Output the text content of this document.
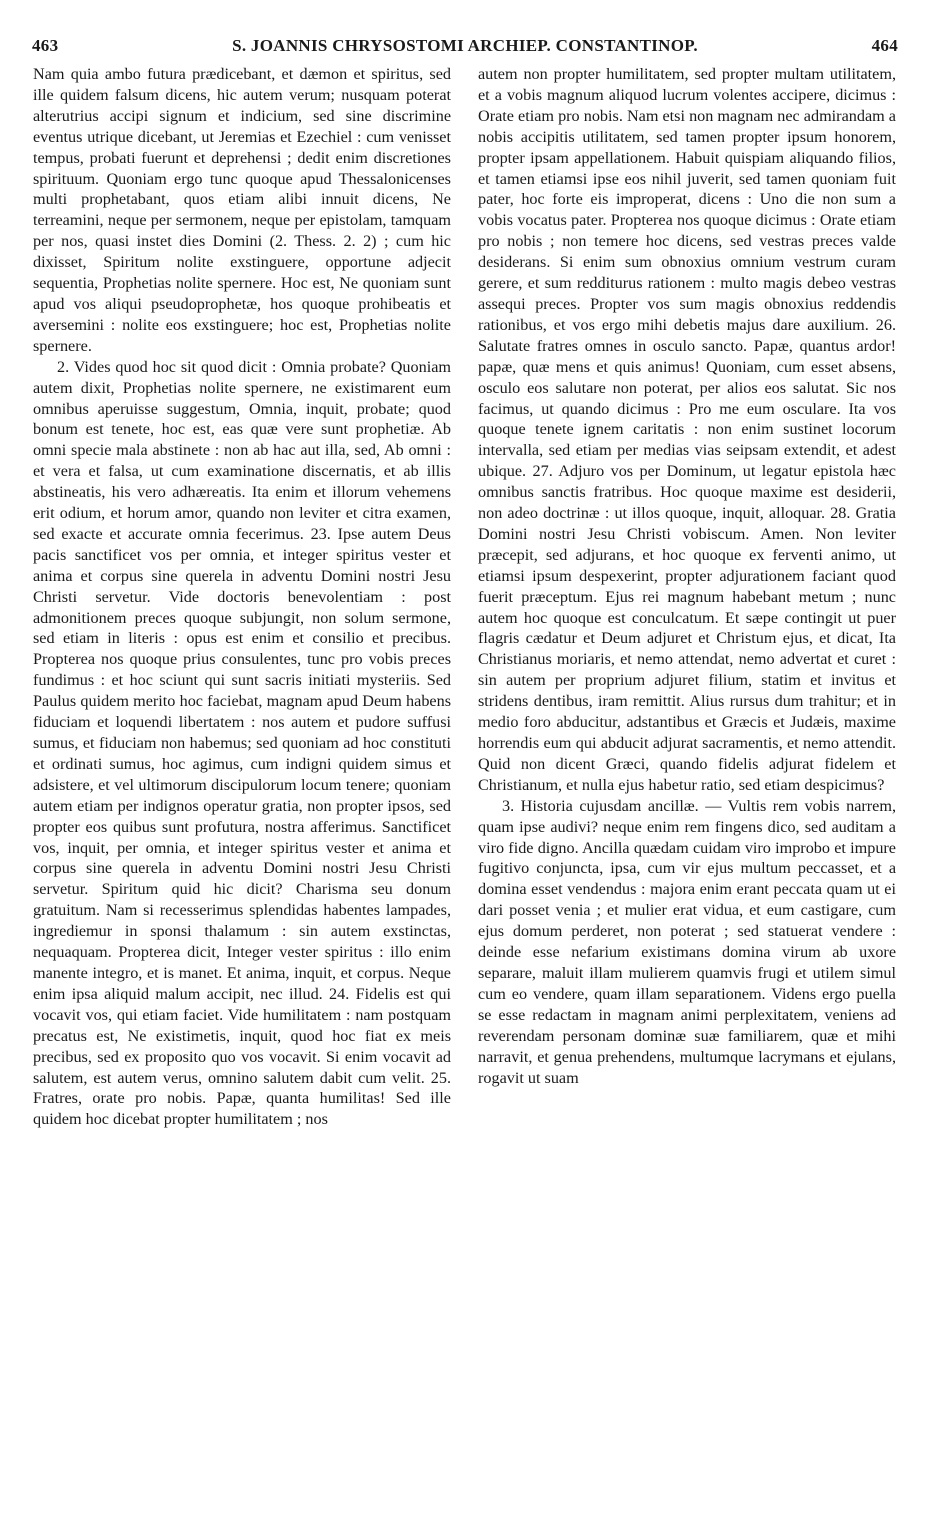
463	S. JOANNIS CHRYSOSTOMI ARCHIEP. CONSTANTINOP.	464

Nam quia ambo futura prædicebant, et dæmon et spiritus, sed ille quidem falsum dicens, hic autem verum; nusquam poterat alterutrius accipi signum et indicium, sed sine discrimine eventus utrique dicebant, ut Jeremias et Ezechiel : cum venisset tempus, probati fuerunt et deprehensi ; dedit enim discretiones spirituum. Quoniam ergo tunc quoque apud Thessalonicenses multi prophetabant, quos etiam alibi innuit dicens, Ne terreamini, neque per sermonem, neque per epistolam, tamquam per nos, quasi instet dies Domini (2. Thess. 2. 2) ; cum hic dixisset, Spiritum nolite exstinguere, opportune adjecit sequentia, Prophetias nolite spernere. Hoc est, Ne quoniam sunt apud vos aliqui pseudoprophetæ, hos quoque prohibeatis et aversemini : nolite eos exstinguere; hoc est, Prophetias nolite spernere.

2. Vides quod hoc sit quod dicit : Omnia probate? Quoniam autem dixit, Prophetias nolite spernere, ne existimarent eum omnibus aperuisse suggestum, Omnia, inquit, probate; quod bonum est tenete, hoc est, eas quæ vere sunt prophetiæ. Ab omni specie mala abstinete : non ab hac aut illa, sed, Ab omni : et vera et falsa, ut cum examinatione discernatis, et ab illis abstineatis, his vero adhæreatis. Ita enim et illorum vehemens erit odium, et horum amor, quando non leviter et citra examen, sed exacte et accurate omnia fecerimus. 23. Ipse autem Deus pacis sanctificet vos per omnia, et integer spiritus vester et anima et corpus sine querela in adventu Domini nostri Jesu Christi servetur. Vide doctoris benevolentiam : post admonitionem preces quoque subjungit, non solum sermone, sed etiam in literis : opus est enim et consilio et precibus. Propterea nos quoque prius consulentes, tunc pro vobis preces fundimus : et hoc sciunt qui sunt sacris initiati mysteriis. Sed Paulus quidem merito hoc faciebat, magnam apud Deum habens fiduciam et loquendi libertatem : nos autem et pudore suffusi sumus, et fiduciam non habemus; sed quoniam ad hoc constituti et ordinati sumus, hoc agimus, cum indigni quidem simus et adsistere, et vel ultimorum discipulorum locum tenere; quoniam autem etiam per indignos operatur gratia, non propter ipsos, sed propter eos quibus sunt profutura, nostra afferimus. Sanctificet vos, inquit, per omnia, et integer spiritus vester et anima et corpus sine querela in adventu Domini nostri Jesu Christi servetur. Spiritum quid hic dicit? Charisma seu donum gratuitum. Nam si recesserimus splendidas habentes lampades, ingrediemur in sponsi thalamum : sin autem exstinctas, nequaquam. Propterea dicit, Integer vester spiritus : illo enim manente integro, et is manet. Et anima, inquit, et corpus. Neque enim ipsa aliquid malum accipit, nec illud. 24. Fidelis est qui vocavit vos, qui etiam faciet. Vide humilitatem : nam postquam precatus est, Ne existimetis, inquit, quod hoc fiat ex meis precibus, sed ex proposito quo vos vocavit. Si enim vocavit ad salutem, est autem verus, omnino salutem dabit cum velit. 25. Fratres, orate pro nobis. Papæ, quanta humilitas! Sed ille quidem hoc dicebat propter humilitatem ; nos

autem non propter humilitatem, sed propter multam utilitatem, et a vobis magnum aliquod lucrum volentes accipere, dicimus : Orate etiam pro nobis. Nam etsi non magnam nec admirandam a nobis accipitis utilitatem, sed tamen propter ipsum honorem, propter ipsam appellationem. Habuit quispiam aliquando filios, et tamen etiamsi ipse eos nihil juverit, sed tamen quoniam fuit pater, hoc forte eis improperat, dicens : Uno die non sum a vobis vocatus pater. Propterea nos quoque dicimus : Orate etiam pro nobis ; non temere hoc dicens, sed vestras preces valde desiderans. Si enim sum obnoxius omnium vestrum curam gerere, et sum redditurus rationem : multo magis debeo vestras assequi preces. Propter vos sum magis obnoxius reddendis rationibus, et vos ergo mihi debetis majus dare auxilium. 26. Salutate fratres omnes in osculo sancto. Papæ, quantus ardor! papæ, quæ mens et quis animus! Quoniam, cum esset absens, osculo eos salutare non poterat, per alios eos salutat. Sic nos facimus, ut quando dicimus : Pro me eum osculare. Ita vos quoque tenete ignem caritatis : non enim sustinet locorum intervalla, sed etiam per medias vias seipsam extendit, et adest ubique. 27. Adjuro vos per Dominum, ut legatur epistola hæc omnibus sanctis fratribus. Hoc quoque maxime est desiderii, non adeo doctrinæ : ut illos quoque, inquit, alloquar. 28. Gratia Domini nostri Jesu Christi vobiscum. Amen. Non leviter præcepit, sed adjurans, et hoc quoque ex ferventi animo, ut etiamsi ipsum despexerint, propter adjurationem faciant quod fuerit præceptum. Ejus rei magnum habebant metum ; nunc autem hoc quoque est conculcatum. Et sæpe contingit ut puer flagris cædatur et Deum adjuret et Christum ejus, et dicat, Ita Christianus moriaris, et nemo attendat, nemo advertat et curet : sin autem per proprium adjuret filium, statim et invitus et stridens dentibus, iram remittit. Alius rursus dum trahitur; et in medio foro abducitur, adstantibus et Græcis et Judæis, maxime horrendis eum qui abducit adjurat sacramentis, et nemo attendit. Quid non dicent Græci, quando fidelis adjurat fidelem et Christianum, et nulla ejus habetur ratio, sed etiam despicimus?

3. Historia cujusdam ancillæ. — Vultis rem vobis narrem, quam ipse audivi? neque enim rem fingens dico, sed auditam a viro fide digno. Ancilla quædam cuidam viro improbo et impure fugitivo conjuncta, ipsa, cum vir ejus multum peccasset, et a domina esset vendendus : majora enim erant peccata quam ut ei dari posset venia ; et mulier erat vidua, et eum castigare, cum ejus domum perderet, non poterat ; sed statuerat vendere : deinde esse nefarium existimans domina virum ab uxore separare, maluit illam mulierem quamvis frugi et utilem simul cum eo vendere, quam illam separationem. Videns ergo puella se esse redactam in magnam animi perplexitatem, veniens ad reverendam personam dominæ suæ familiarem, quæ et mihi narravit, et genua prehendens, multumque lacrymans et ejulans, rogavit ut suam
